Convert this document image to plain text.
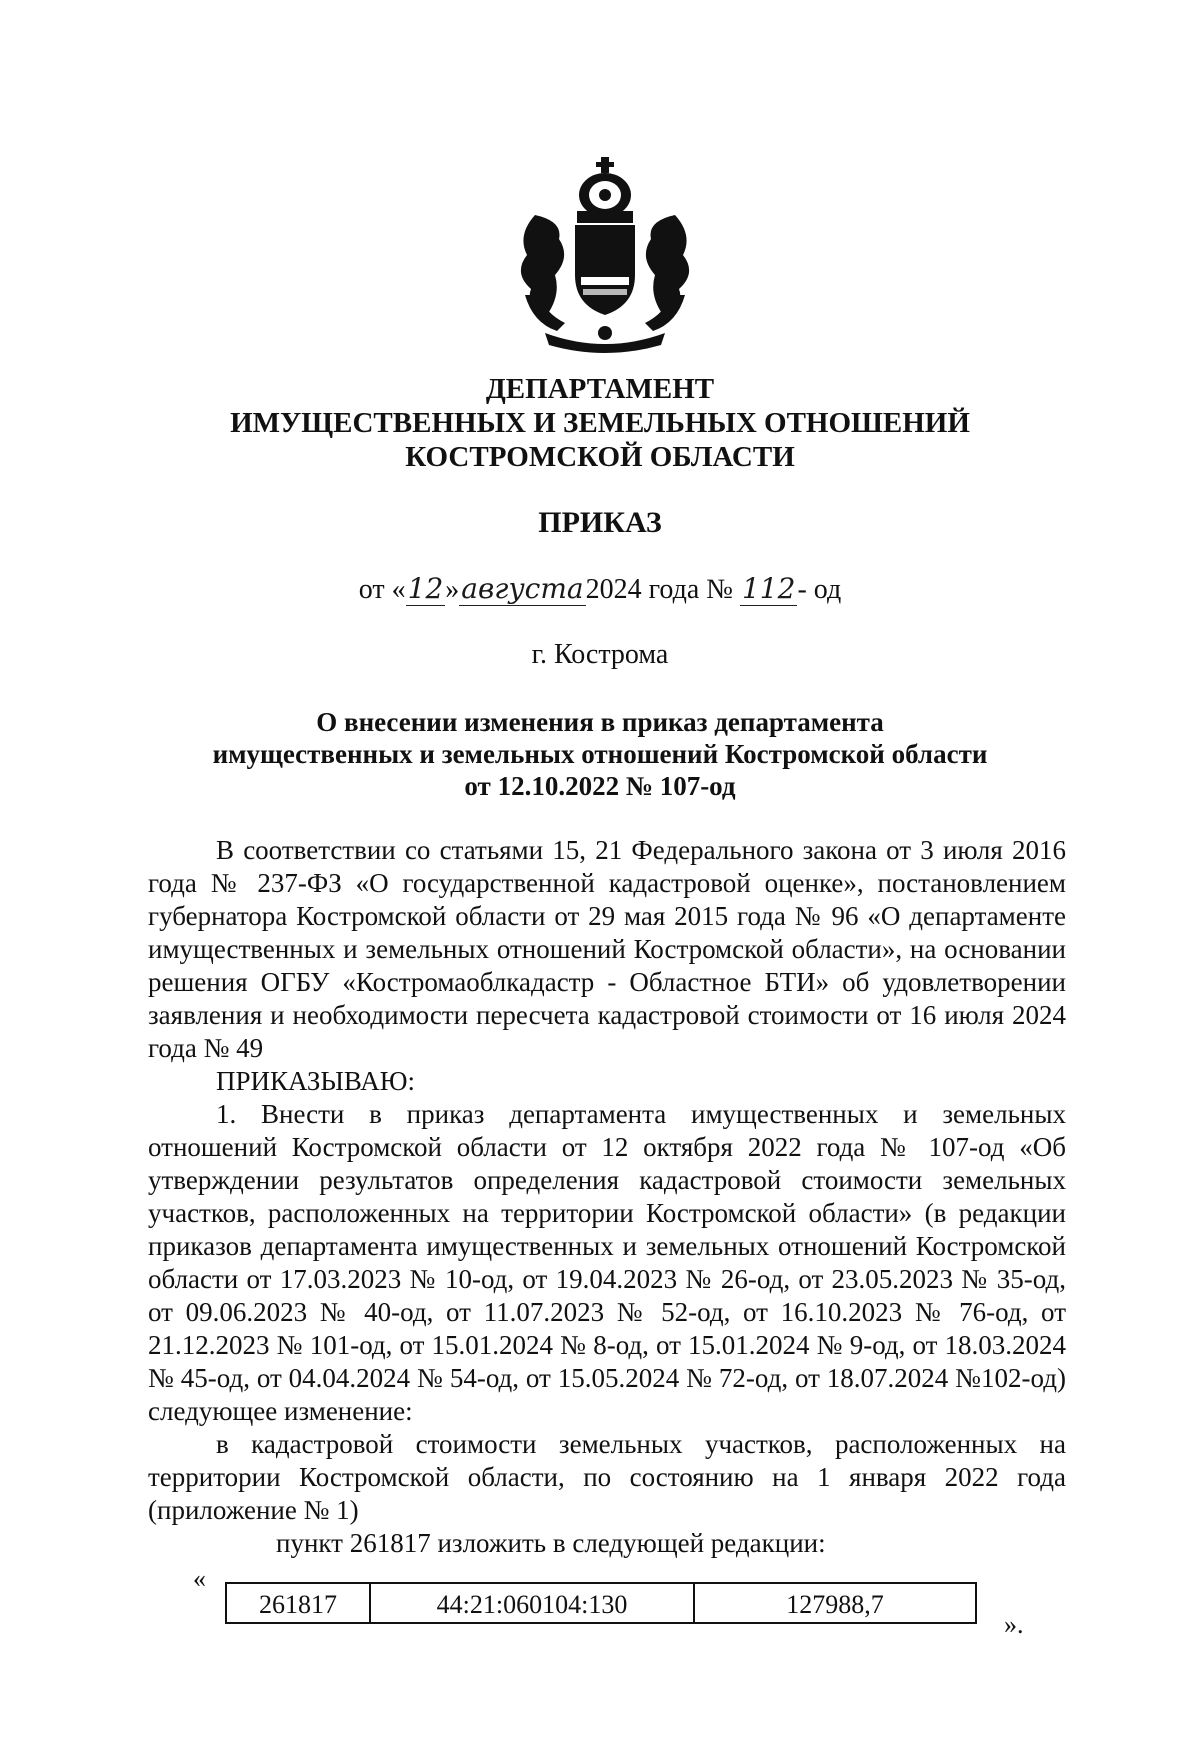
ДЕПАРТАМЕНТ
ИМУЩЕСТВЕННЫХ И ЗЕМЕЛЬНЫХ ОТНОШЕНИЙ
КОСТРОМСКОЙ ОБЛАСТИ
ПРИКАЗ
от «12»августа2024 года № 112- од
г. Кострома
О внесении изменения в приказ департамента
имущественных и земельных отношений Костромской области
от 12.10.2022 № 107-од

В соответствии со статьями 15, 21 Федерального закона от 3 июля 2016 года № 237-ФЗ «О государственной кадастровой оценке», постановлением губернатора Костромской области от 29 мая 2015 года № 96 «О департаменте имущественных и земельных отношений Костромской области», на основании решения ОГБУ «Костромаоблкадастр - Областное БТИ» об удовлетворении заявления и необходимости пересчета кадастровой стоимости от 16 июля 2024 года № 49

ПРИКАЗЫВАЮ:

1. Внести в приказ департамента имущественных и земельных отношений Костромской области от 12 октября 2022 года № 107-од «Об утверждении результатов определения кадастровой стоимости земельных участков, расположенных на территории Костромской области» (в редакции приказов департамента имущественных и земельных отношений Костромской области от 17.03.2023 № 10-од, от 19.04.2023 № 26-од, от 23.05.2023 № 35-од, от 09.06.2023 № 40-од, от 11.07.2023 № 52-од, от 16.10.2023 № 76-од, от 21.12.2023 № 101-од, от 15.01.2024 № 8-од, от 15.01.2024 № 9-од, от 18.03.2024 № 45-од, от 04.04.2024 № 54-од, от 15.05.2024 № 72-од, от 18.07.2024 №102-од) следующее изменение:

в кадастровой стоимости земельных участков, расположенных на территории Костромской области, по состоянию на 1 января 2022 года (приложение № 1)

пункт 261817 изложить в следующей редакции:

«
261817	44:21:060104:130	127988,7
».
